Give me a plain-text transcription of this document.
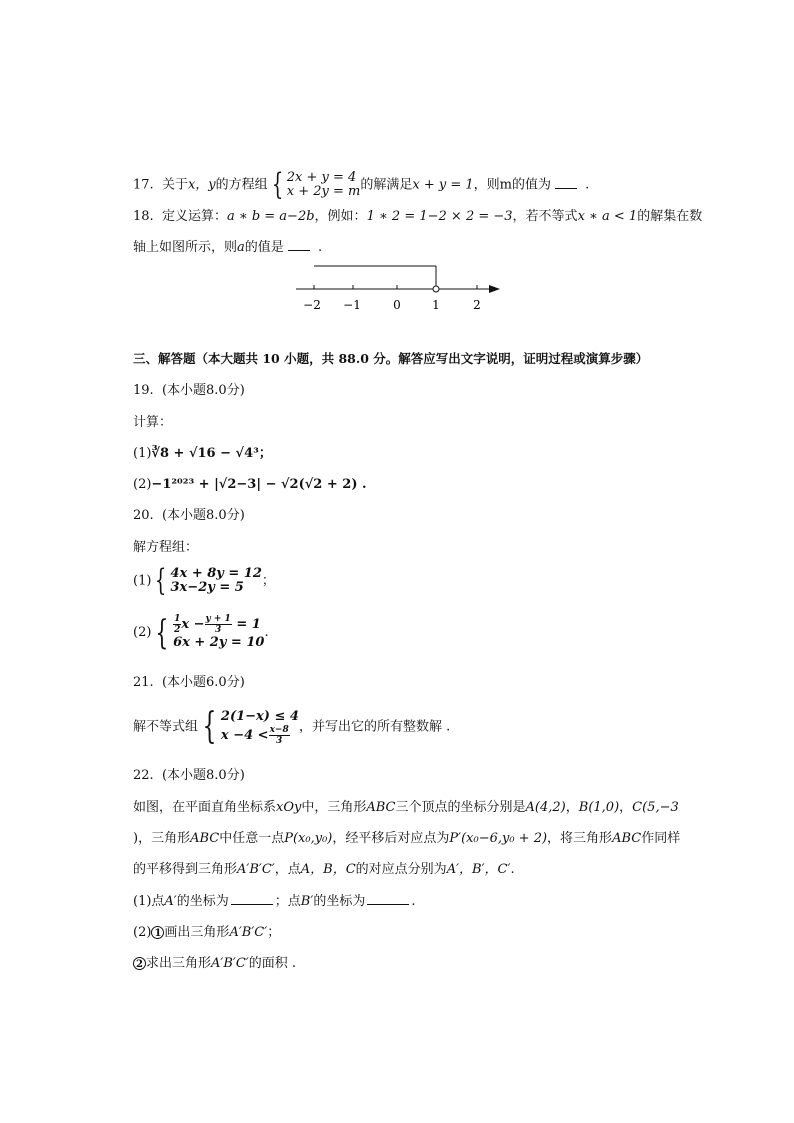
17. 关于x，y的方程组 { 2x + y = 4
x + 2y = m 的解满足x + y = 1，则m的值为	.
18. 定义运算：a ∗ b = a−2b，例如：1 ∗ 2 = 1−2 × 2 = −3，若不等式x ∗ a < 1的解集在数
轴上如图所示，则a的值是	.
−2 −1	0	1	2
三、解答题（本大题共 10 小题，共 88.0 分。解答应写出文字说明，证明过程或演算步骤）
19. (本小题8.0分)
计算：
(1)∛8 + √16 − √4³；
(2)−1²⁰²³ + |√2−3| − √2(√2 + 2) .
20. (本小题8.0分)
解方程组：
(1) { 4x + 8y = 12
3x−2y = 5	；
(2) { $\frac{1}{2}$ $x - \frac{y + 1}{3} = 1$
6x + 2y = 10
.
21. (本小题6.0分)
解不等式组 { 2(1−x) ≤ 4
$x -4 < \frac{x-8}{3}$ ，并写出它的所有整数解 .
22. (本小题8.0分)
如图，在平面直角坐标系xOy中，三角形ABC三个顶点的坐标分别是A(4,2)，B(1,0)，C(5,−3
)，三角形ABC中任意一点P(x₀,y₀)，经平移后对应点为P′(x₀−6,y₀ + 2)，将三角形ABC作同样
的平移得到三角形A′B′C′，点A，B，C的对应点分别为A′，B′，C′.
(1)点A′的坐标为	；点B′的坐标为	.
(2) 1 画出三角形A′B′C′；
2 求出三角形A′B′C′的面积 .
